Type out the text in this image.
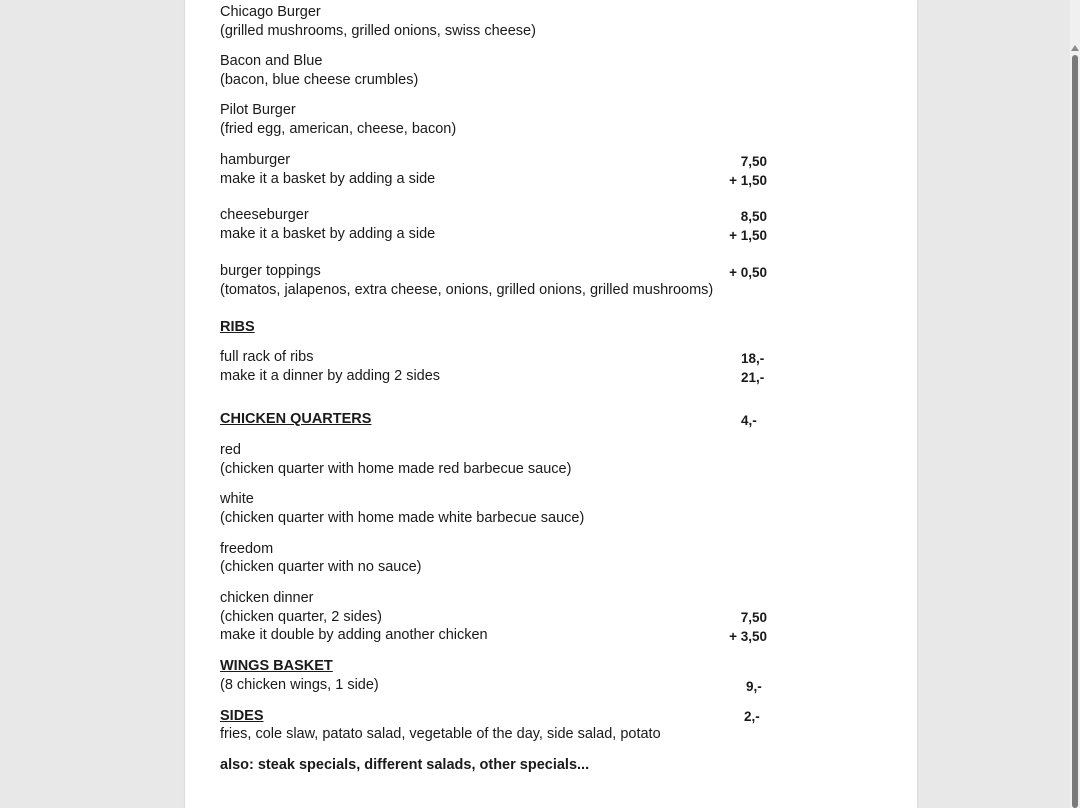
Chicago Burger
(grilled mushrooms, grilled onions, swiss cheese)
Bacon and Blue
(bacon, blue cheese crumbles)
Pilot Burger
(fried egg, american, cheese, bacon)
hamburger
make it a basket by adding a side
7,50
+ 1,50
cheeseburger
make it a basket by adding a side
8,50
+ 1,50
burger toppings
(tomatos, jalapenos, extra cheese, onions, grilled onions, grilled mushrooms)
+ 0,50
RIBS
full rack of ribs
make it a dinner by adding 2 sides
18,-
21,-
CHICKEN QUARTERS	4,-
red
(chicken quarter with home made red barbecue sauce)
white
(chicken quarter with home made white barbecue sauce)
freedom
(chicken quarter with no sauce)
chicken dinner
(chicken quarter, 2 sides)
make it double by adding another chicken
7,50
+ 3,50
WINGS BASKET
(8 chicken wings, 1 side)	9,-
SIDES
fries, cole slaw, patato salad, vegetable of the day, side salad, potato
2,-
also: steak specials, different salads, other specials...
